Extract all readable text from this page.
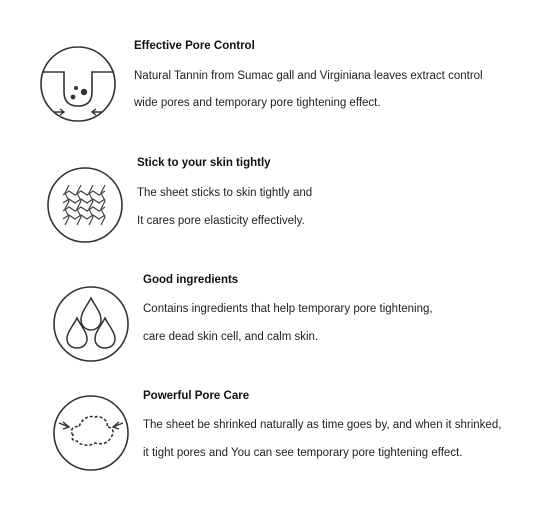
Effective Pore Control
Natural Tannin from Sumac gall and Virginiana leaves extract control
wide pores and temporary pore tightening effect.
Stick to your skin tightly
The sheet sticks to skin tightly and
It cares pore elasticity effectively.
Good ingredients
Contains ingredients that help temporary pore tightening,
care dead skin cell, and calm skin.
Powerful Pore Care
The sheet be shrinked naturally as time goes by, and when it shrinked,
it tight pores and You can see temporary pore tightening effect.
